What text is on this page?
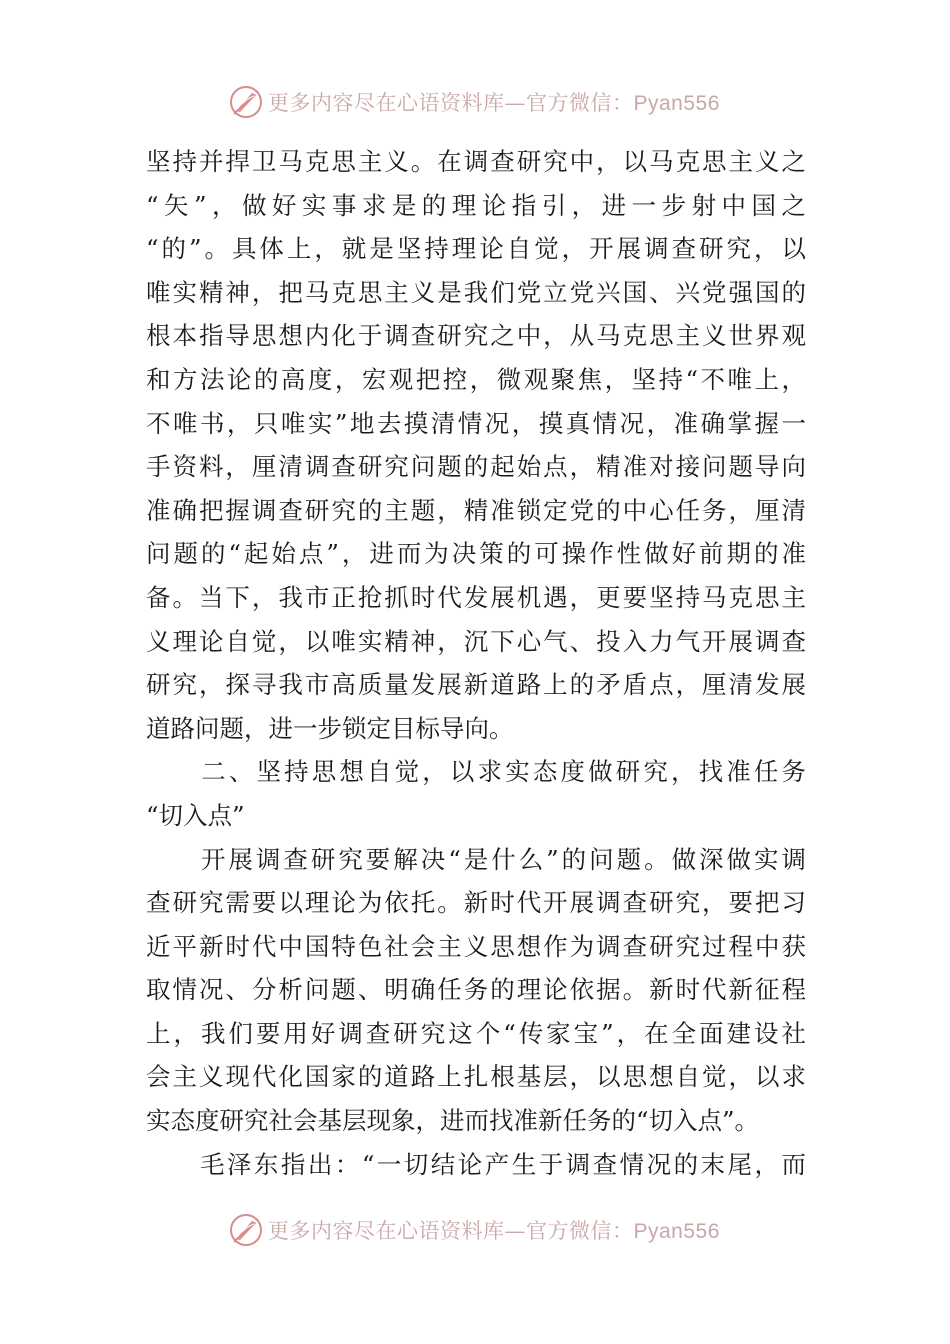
更多内容尽在心语资料库—官方微信：Pyan556
坚持并捍卫马克思主义。在调查研究中，以马克思主义之
“矢”，做好实事求是的理论指引，进一步射中国之
“的”。具体上，就是坚持理论自觉，开展调查研究，以
唯实精神，把马克思主义是我们党立党兴国、兴党强国的
根本指导思想内化于调查研究之中，从马克思主义世界观
和方法论的高度，宏观把控，微观聚焦，坚持“不唯上，
不唯书，只唯实”地去摸清情况，摸真情况，准确掌握一
手资料，厘清调查研究问题的起始点，精准对接问题导向
准确把握调查研究的主题，精准锁定党的中心任务，厘清
问题的“起始点”，进而为决策的可操作性做好前期的准
备。当下，我市正抢抓时代发展机遇，更要坚持马克思主
义理论自觉，以唯实精神，沉下心气、投入力气开展调查
研究，探寻我市高质量发展新道路上的矛盾点，厘清发展
道路问题，进一步锁定目标导向。
　　二、坚持思想自觉，以求实态度做研究，找准任务
“切入点”
　　开展调查研究要解决“是什么”的问题。做深做实调
查研究需要以理论为依托。新时代开展调查研究，要把习
近平新时代中国特色社会主义思想作为调查研究过程中获
取情况、分析问题、明确任务的理论依据。新时代新征程
上，我们要用好调查研究这个“传家宝”，在全面建设社
会主义现代化国家的道路上扎根基层，以思想自觉，以求
实态度研究社会基层现象，进而找准新任务的“切入点”。
　　毛泽东指出：“一切结论产生于调查情况的末尾，而
更多内容尽在心语资料库—官方微信：Pyan556
